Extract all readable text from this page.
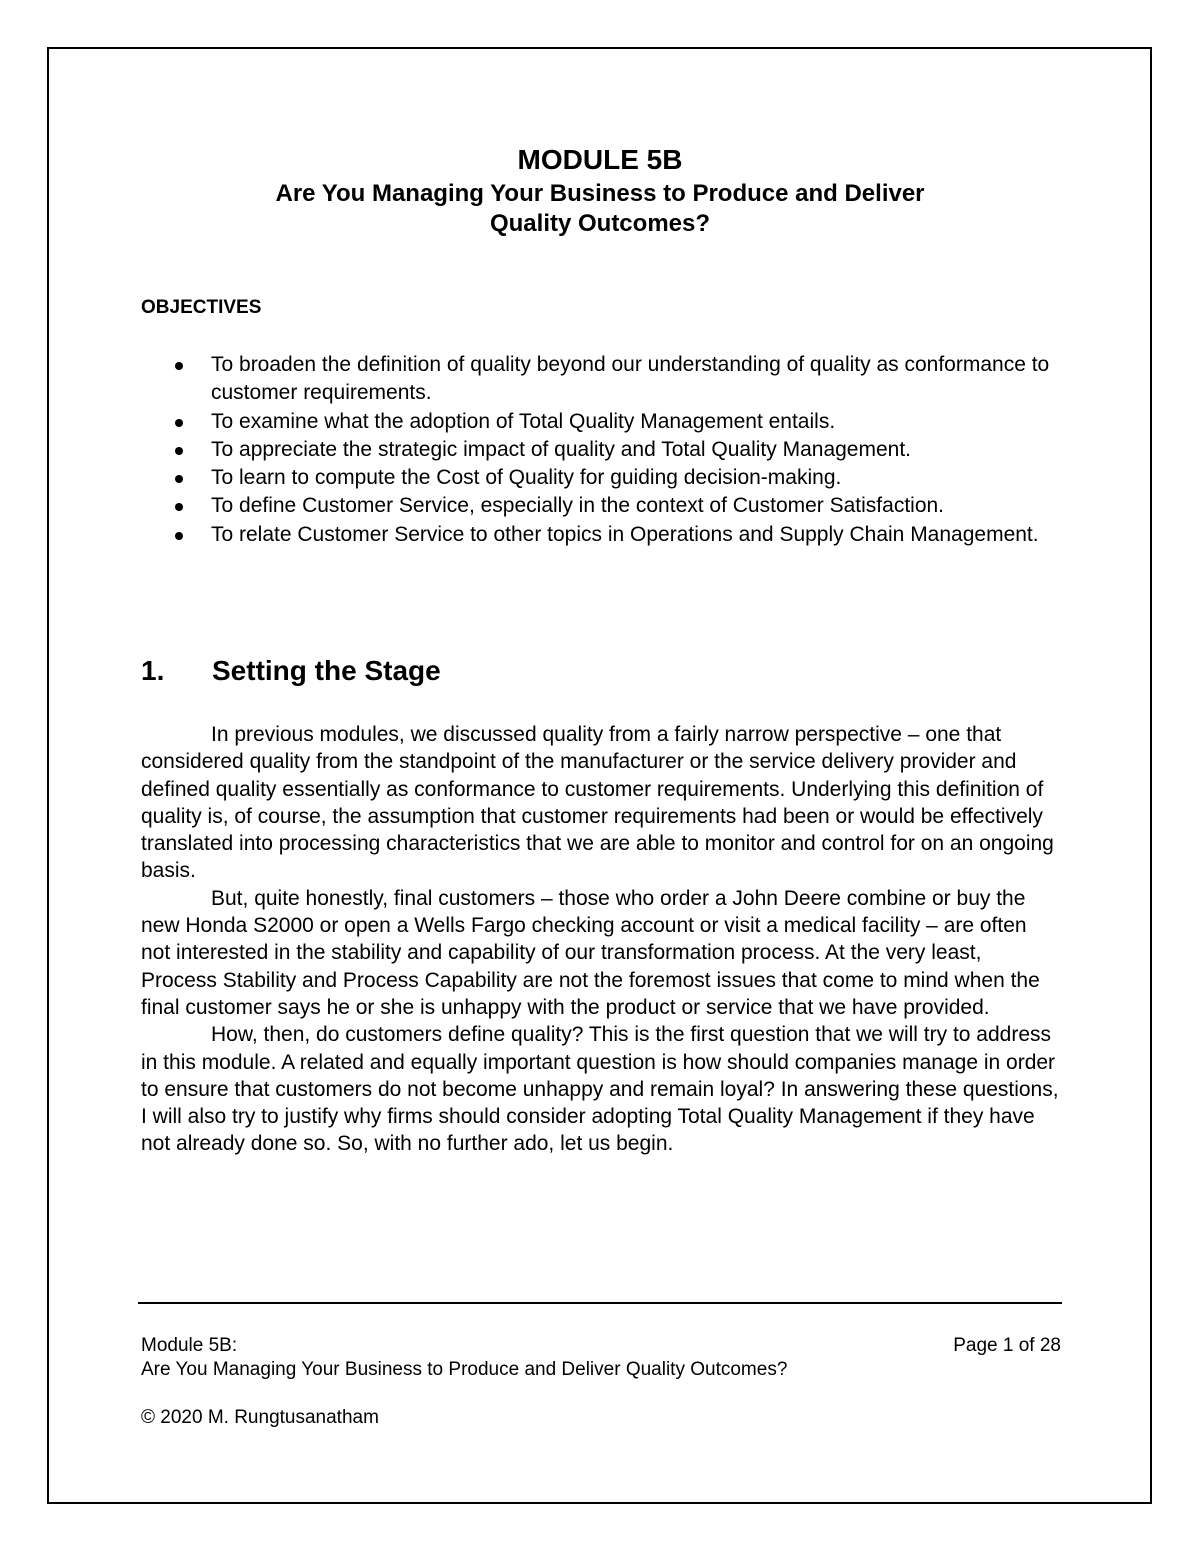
MODULE 5B
Are You Managing Your Business to Produce and Deliver
Quality Outcomes?
OBJECTIVES
To broaden the definition of quality beyond our understanding of quality as conformance to customer requirements.
To examine what the adoption of Total Quality Management entails.
To appreciate the strategic impact of quality and Total Quality Management.
To learn to compute the Cost of Quality for guiding decision-making.
To define Customer Service, especially in the context of Customer Satisfaction.
To relate Customer Service to other topics in Operations and Supply Chain Management.
1. Setting the Stage

In previous modules, we discussed quality from a fairly narrow perspective – one that considered quality from the standpoint of the manufacturer or the service delivery provider and defined quality essentially as conformance to customer requirements. Underlying this definition of quality is, of course, the assumption that customer requirements had been or would be effectively translated into processing characteristics that we are able to monitor and control for on an ongoing basis.

But, quite honestly, final customers – those who order a John Deere combine or buy the new Honda S2000 or open a Wells Fargo checking account or visit a medical facility – are often not interested in the stability and capability of our transformation process. At the very least, Process Stability and Process Capability are not the foremost issues that come to mind when the final customer says he or she is unhappy with the product or service that we have provided.

How, then, do customers define quality? This is the first question that we will try to address in this module. A related and equally important question is how should companies manage in order to ensure that customers do not become unhappy and remain loyal? In answering these questions, I will also try to justify why firms should consider adopting Total Quality Management if they have not already done so. So, with no further ado, let us begin.

Module 5B:	Page 1 of 28
Are You Managing Your Business to Produce and Deliver Quality Outcomes?
© 2020 M. Rungtusanatham
